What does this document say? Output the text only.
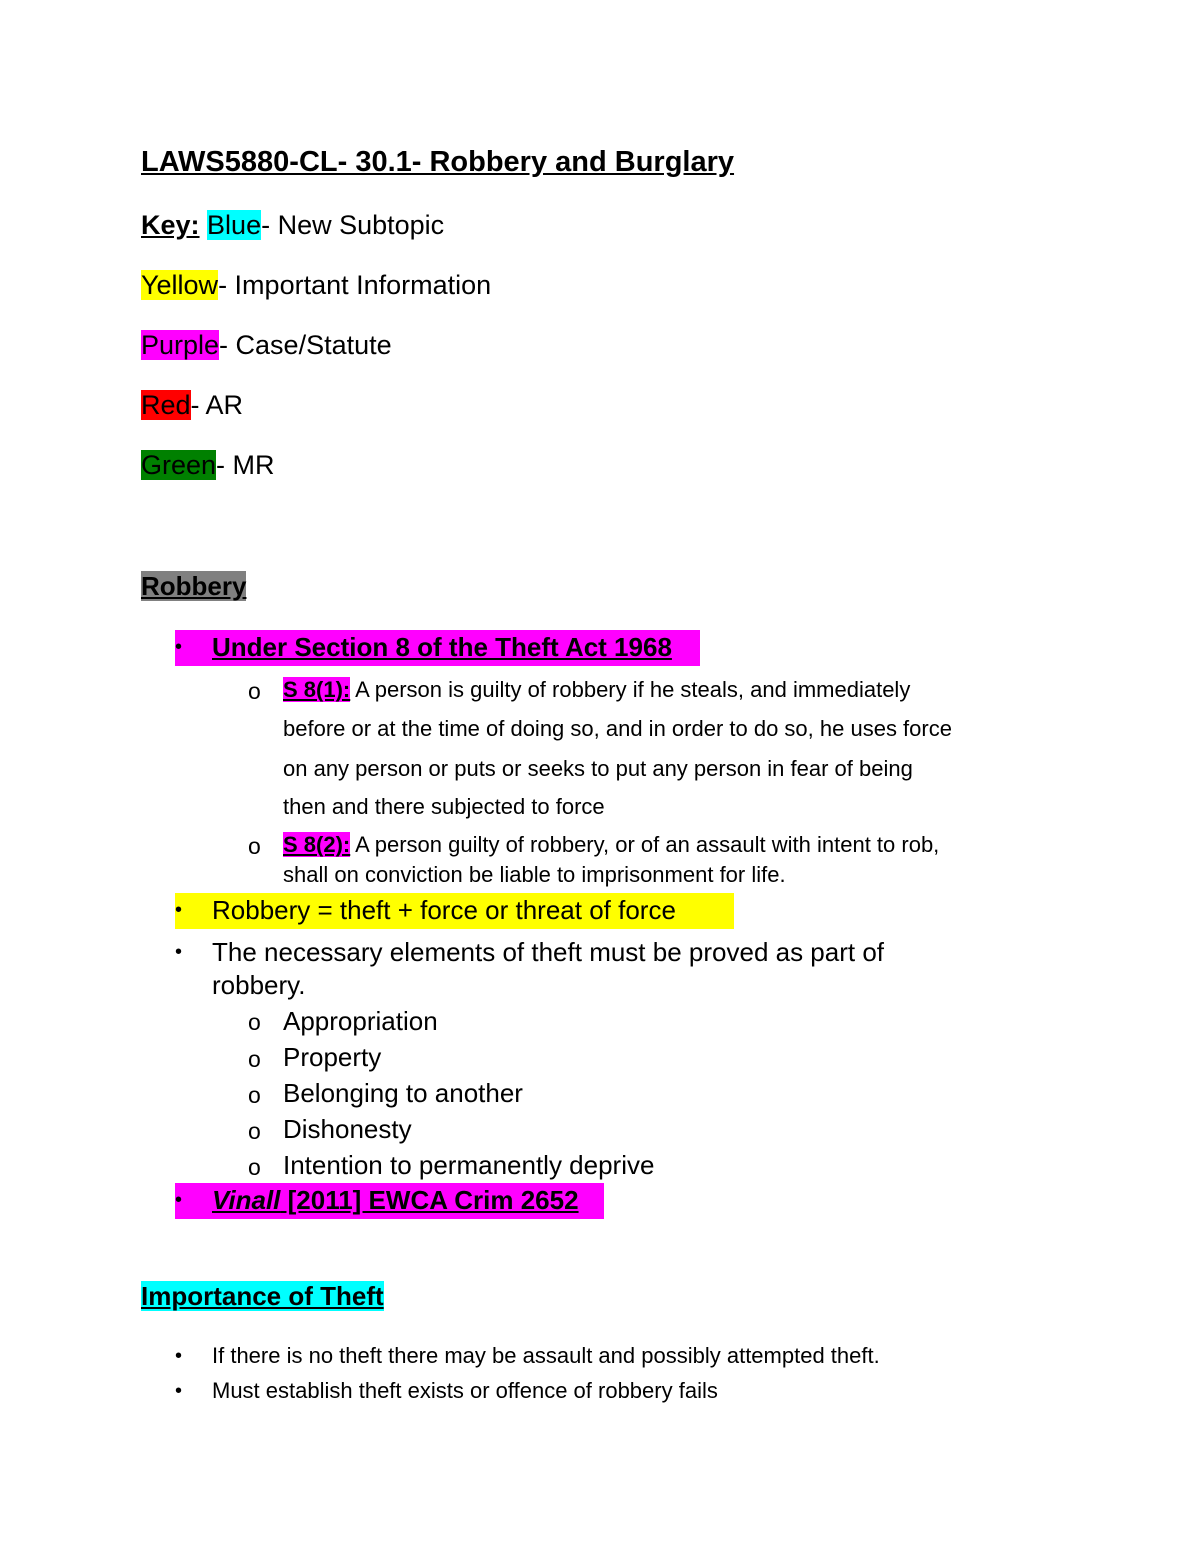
LAWS5880-CL- 30.1- Robbery and Burglary
Key: Blue- New Subtopic
Yellow- Important Information
Purple- Case/Statute
Red- AR
Green- MR
Robbery
• Under Section 8 of the Theft Act 1968
o S 8(1): A person is guilty of robbery if he steals, and immediately
before or at the time of doing so, and in order to do so, he uses force
on any person or puts or seeks to put any person in fear of being
then and there subjected to force
o S 8(2): A person guilty of robbery, or of an assault with intent to rob,
shall on conviction be liable to imprisonment for life.
• Robbery = theft + force or threat of force
• The necessary elements of theft must be proved as part of
robbery.
o Appropriation
o Property
o Belonging to another
o Dishonesty
o Intention to permanently deprive
• Vinall [2011] EWCA Crim 2652
Importance of Theft
• If there is no theft there may be assault and possibly attempted theft.
• Must establish theft exists or offence of robbery fails
